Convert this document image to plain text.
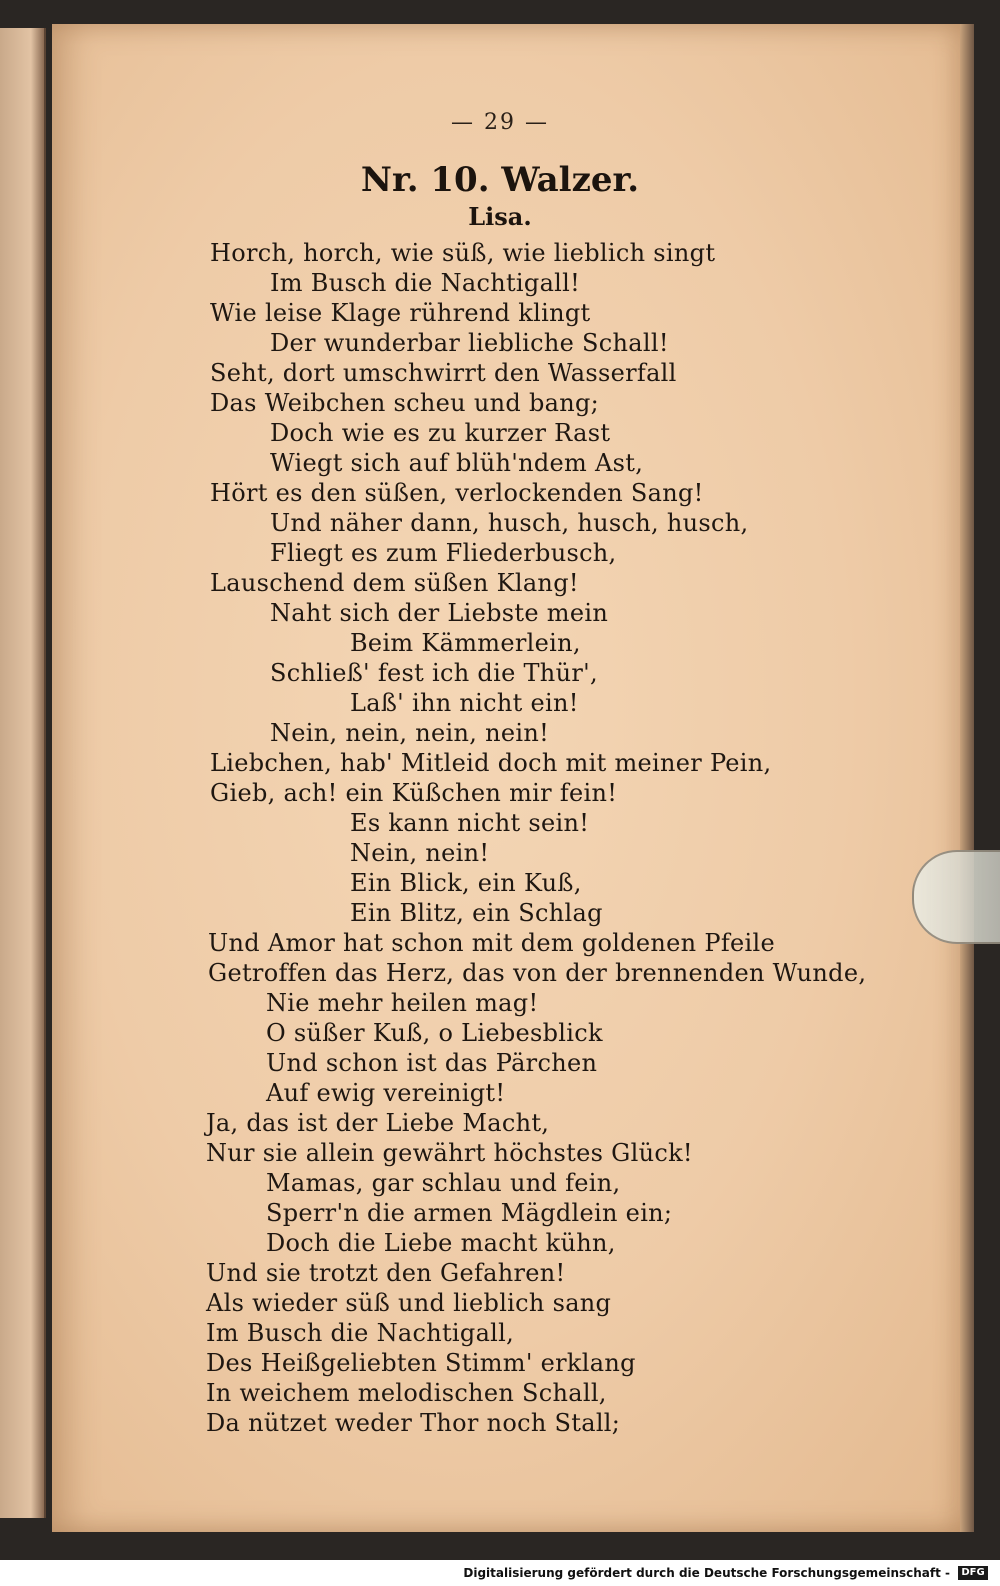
— 29 —
Nr. 10. Walzer.
Lisa.
Horch, horch, wie süß, wie lieblich singt
Im Busch die Nachtigall!
Wie leise Klage rührend klingt
Der wunderbar liebliche Schall!
Seht, dort umschwirrt den Wasserfall
Das Weibchen scheu und bang;
Doch wie es zu kurzer Rast
Wiegt sich auf blüh'ndem Ast,
Hört es den süßen, verlockenden Sang!
Und näher dann, husch, husch, husch,
Fliegt es zum Fliederbusch,
Lauschend dem süßen Klang!
Naht sich der Liebste mein
Beim Kämmerlein,
Schließ' fest ich die Thür',
Laß' ihn nicht ein!
Nein, nein, nein, nein!
Liebchen, hab' Mitleid doch mit meiner Pein,
Gieb, ach! ein Küßchen mir fein!
Es kann nicht sein!
Nein, nein!
Ein Blick, ein Kuß,
Ein Blitz, ein Schlag
Und Amor hat schon mit dem goldenen Pfeile
Getroffen das Herz, das von der brennenden Wunde,
Nie mehr heilen mag!
O süßer Kuß, o Liebesblick
Und schon ist das Pärchen
Auf ewig vereinigt!
Ja, das ist der Liebe Macht,
Nur sie allein gewährt höchstes Glück!
Mamas, gar schlau und fein,
Sperr'n die armen Mägdlein ein;
Doch die Liebe macht kühn,
Und sie trotzt den Gefahren!
Als wieder süß und lieblich sang
Im Busch die Nachtigall,
Des Heißgeliebten Stimm' erklang
In weichem melodischen Schall,
Da nützet weder Thor noch Stall;
Digitalisierung gefördert durch die Deutsche Forschungsgemeinschaft -	DFG
